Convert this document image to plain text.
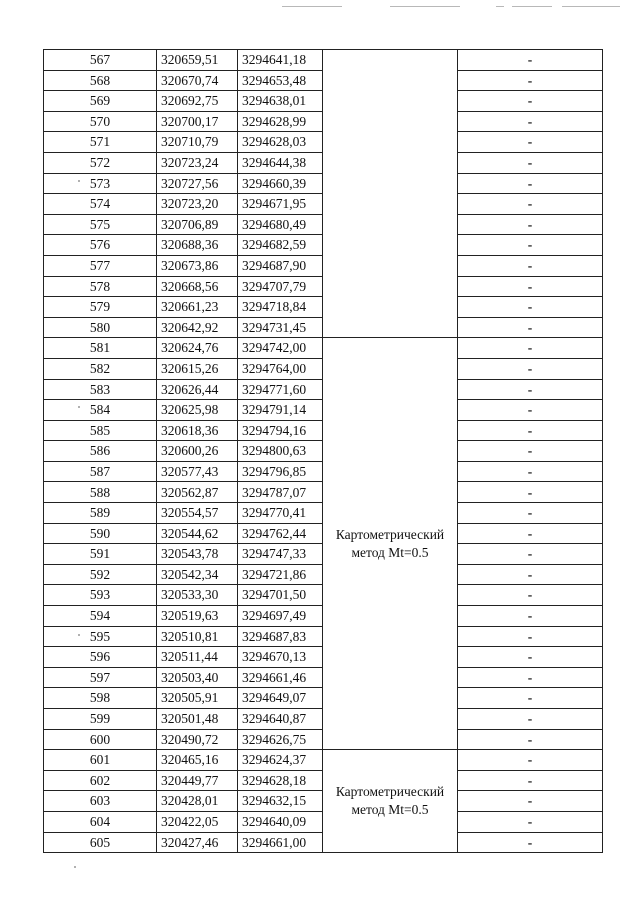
567	320659,51	3294641,18		-
568	320670,74	3294653,48		-
569	320692,75	3294638,01		-
570	320700,17	3294628,99		-
571	320710,79	3294628,03		-
572	320723,24	3294644,38		-
573	320727,56	3294660,39		-
574	320723,20	3294671,95		-
575	320706,89	3294680,49		-
576	320688,36	3294682,59		-
577	320673,86	3294687,90		-
578	320668,56	3294707,79		-
579	320661,23	3294718,84		-
580	320642,92	3294731,45		-
581	320624,76	3294742,00	Картометрический метод Mt=0.5	-
582	320615,26	3294764,00		-
583	320626,44	3294771,60		-
584	320625,98	3294791,14		-
585	320618,36	3294794,16		-
586	320600,26	3294800,63		-
587	320577,43	3294796,85		-
588	320562,87	3294787,07		-
589	320554,57	3294770,41		-
590	320544,62	3294762,44		-
591	320543,78	3294747,33		-
592	320542,34	3294721,86		-
593	320533,30	3294701,50		-
594	320519,63	3294697,49		-
595	320510,81	3294687,83		-
596	320511,44	3294670,13		-
597	320503,40	3294661,46		-
598	320505,91	3294649,07		-
599	320501,48	3294640,87		-
600	320490,72	3294626,75		-
601	320465,16	3294624,37	Картометрический метод Mt=0.5	-
602	320449,77	3294628,18		-
603	320428,01	3294632,15		-
604	320422,05	3294640,09		-
605	320427,46	3294661,00		-
